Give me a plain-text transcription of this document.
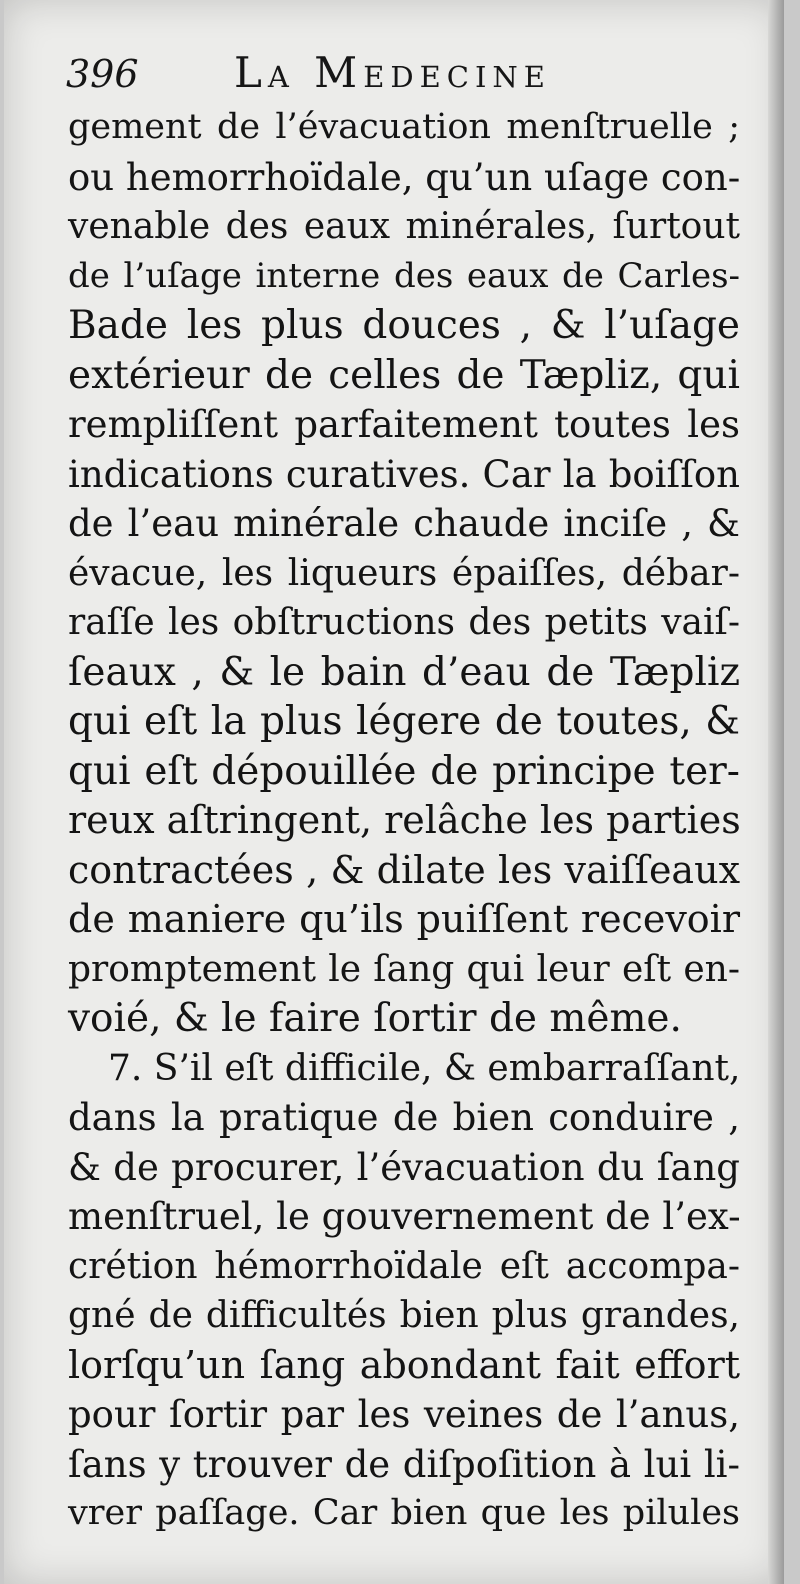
396 La Medecine
gement de l’évacuation menſtruelle ;
ou hemorrhoïdale, qu’un uſage con-
venable des eaux minérales, ſurtout
de l’uſage interne des eaux de Carles-
Bade les plus douces , & l’uſage
extérieur de celles de Tæpliz, qui
rempliſſent parfaitement toutes les
indications curatives. Car la boiſſon
de l’eau minérale chaude inciſe , &
évacue, les liqueurs épaiſſes, débar-
raſſe les obſtructions des petits vaiſ-
ſeaux , & le bain d’eau de Tæpliz
qui eſt la plus légere de toutes, &
qui eſt dépouillée de principe ter-
reux aſtringent, relâche les parties
contractées , & dilate les vaiſſeaux
de maniere qu’ils puiſſent recevoir
promptement le ſang qui leur eſt en-
voié, & le faire ſortir de même.
7. S’il eſt difficile, & embarraſſant,
dans la pratique de bien conduire ,
& de procurer, l’évacuation du ſang
menſtruel, le gouvernement de l’ex-
crétion hémorrhoïdale eſt accompa-
gné de difficultés bien plus grandes,
lorſqu’un ſang abondant fait effort
pour ſortir par les veines de l’anus,
ſans y trouver de diſpoſition à lui li-
vrer paſſage. Car bien que les pilules
